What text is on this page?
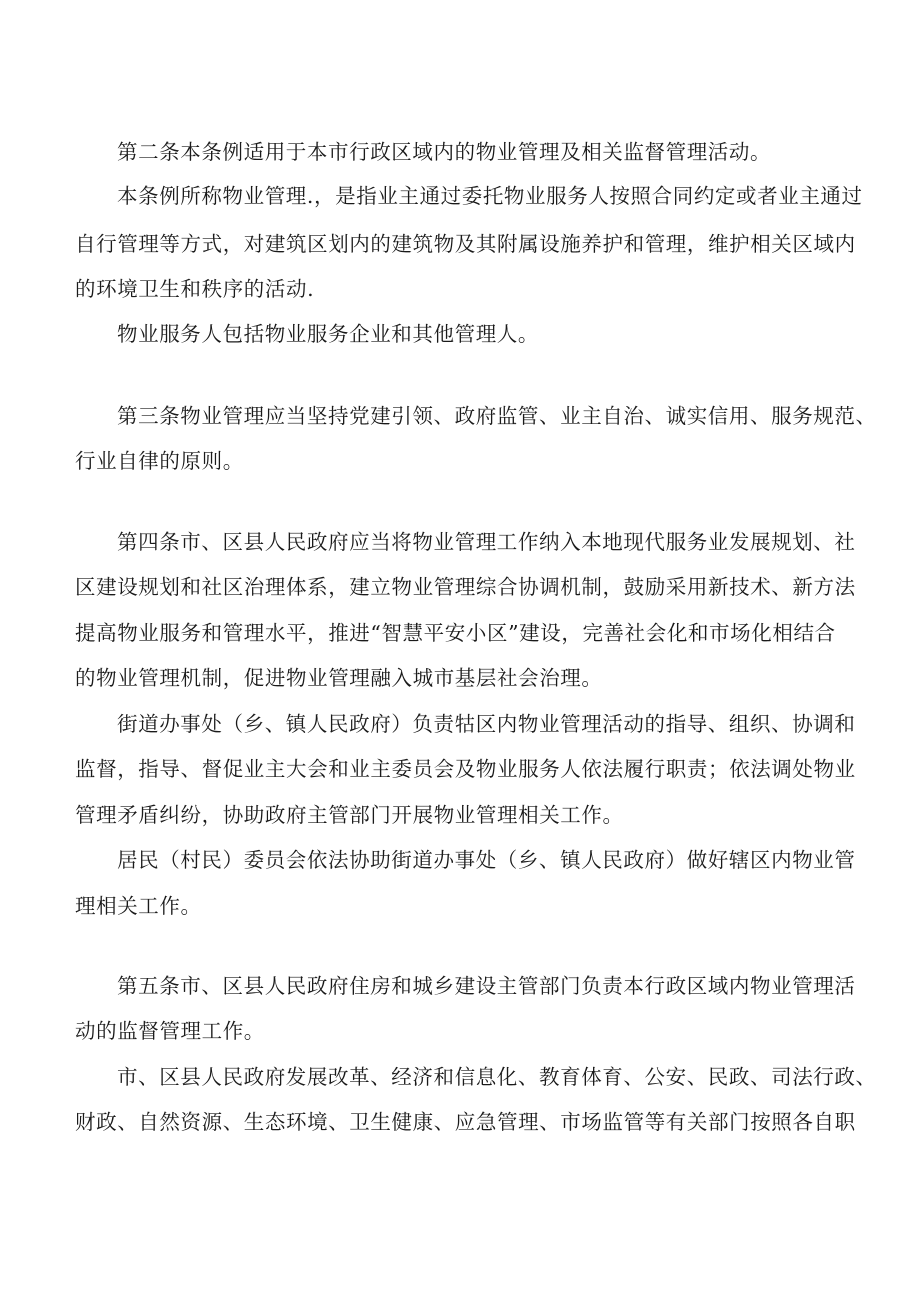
第二条本条例适用于本市行政区域内的物业管理及相关监督管理活动。

本条例所称物业管理.，是指业主通过委托物业服务人按照合同约定或者业主通过

自行管理等方式，对建筑区划内的建筑物及其附属设施养护和管理，维护相关区域内

的环境卫生和秩序的活动.

物业服务人包括物业服务企业和其他管理人。

第三条物业管理应当坚持党建引领、政府监管、业主自治、诚实信用、服务规范、

行业自律的原则。

第四条市、区县人民政府应当将物业管理工作纳入本地现代服务业发展规划、社

区建设规划和社区治理体系，建立物业管理综合协调机制，鼓励采用新技术、新方法

提高物业服务和管理水平，推进“智慧平安小区”建设，完善社会化和市场化相结合

的物业管理机制，促进物业管理融入城市基层社会治理。

街道办事处（乡、镇人民政府）负责牯区内物业管理活动的指导、组织、协调和

监督，指导、督促业主大会和业主委员会及物业服务人依法履行职责；依法调处物业

管理矛盾纠纷，协助政府主管部门开展物业管理相关工作。

居民（村民）委员会依法协助街道办事处（乡、镇人民政府）做好辖区内物业管

理相关工作。

第五条市、区县人民政府住房和城乡建设主管部门负责本行政区域内物业管理活

动的监督管理工作。

市、区县人民政府发展改革、经济和信息化、教育体育、公安、民政、司法行政、

财政、自然资源、生态环境、卫生健康、应急管理、市场监管等有关部门按照各自职
